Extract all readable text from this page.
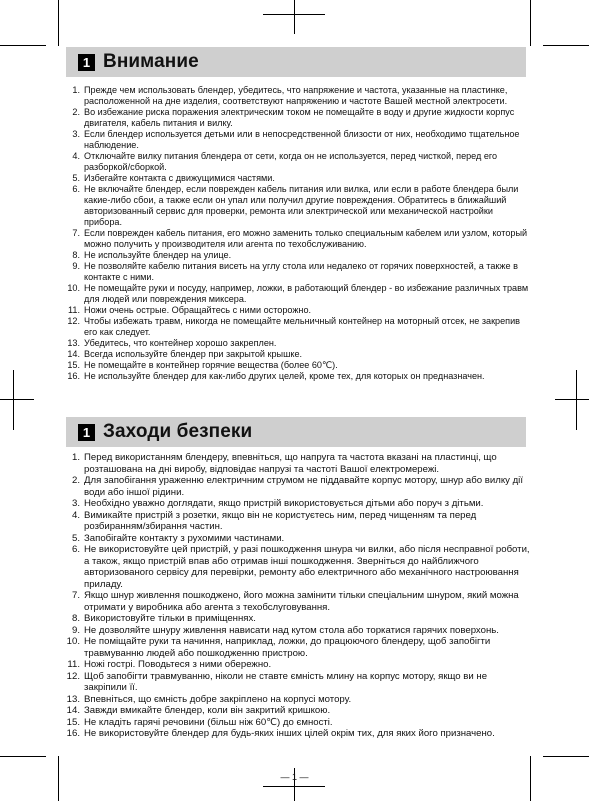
1 Внимание
1. Прежде чем использовать блендер, убедитесь, что напряжение и частота, указанные на пластинке, расположенной на дне изделия, соответствуют напряжению и частоте Вашей местной электросети.
2. Во избежание риска поражения электрическим током не помещайте в воду и другие жидкости корпус двигателя, кабель питания и вилку.
3. Если блендер используется детьми или в непосредственной близости от них, необходимо тщательное наблюдение.
4. Отключайте вилку питания блендера от сети, когда он не используется, перед чисткой, перед его разборкой/сборкой.
5. Избегайте контакта с движущимися частями.
6. Не включайте блендер, если поврежден кабель питания или вилка, или если в работе блендера были какие-либо сбои, а также если он упал или получил другие повреждения. Обратитесь в ближайший авторизованный сервис для проверки, ремонта или электрической или механической настройки прибора.
7. Если поврежден кабель питания, его можно заменить только специальным кабелем или узлом, который можно получить у производителя или агента по техобслуживанию.
8. Не используйте блендер на улице.
9. Не позволяйте кабелю питания висеть на углу стола или недалеко от горячих поверхностей, а также в контакте с ними.
10. Не помещайте руки и посуду, например, ложки, в работающий блендер - во избежание различных травм для людей или повреждения миксера.
11. Ножи очень острые. Обращайтесь с ними осторожно.
12. Чтобы избежать травм, никогда не помещайте мельничный контейнер на моторный отсек, не закрепив его как следует.
13. Убедитесь, что контейнер хорошо закреплен.
14. Всегда используйте блендер при закрытой крышке.
15. Не помещайте в контейнер горячие вещества (более 60℃).
16. Не используйте блендер для как-либо других целей, кроме тех, для которых он предназначен.
1 Заходи безпеки
1. Перед використанням блендеру, впевніться, що напруга та частота вказані на пластинці, що розташована на дні виробу, відповідає напрузі та частоті Вашої електромережі.
2. Для запобігання ураженню електричним струмом не піддавайте корпус мотору, шнур або вилку дії води або іншої рідини.
3. Необхідно уважно доглядати, якщо пристрій використовується дітьми або поруч з дітьми.
4. Вимикайте пристрій з розетки, якщо він не користуєтесь ним, перед чищенням та перед розбиранням/збирання частин.
5. Запобігайте контакту з рухомими частинами.
6. Не використовуйте цей пристрій, у разі пошкодження шнура чи вилки, або після несправної роботи, а також, якщо пристрій впав або отримав інші пошкодження. Зверніться до найближчого авторизованого сервісу для перевірки, ремонту або електричного або механічного настроювання приладу.
7. Якщо шнур живлення пошкоджено, його можна замінити тільки спеціальним шнуром, який можна отримати у виробника або агента з техобслуговування.
8. Використовуйте тільки в приміщеннях.
9. Не дозволяйте шнуру живлення нависати над кутом стола або торкатися гарячих поверхонь.
10. Не поміщайте руки та начиння, наприклад, ложки, до працюючого блендеру, щоб запобігти травмуванню людей або пошкодженню пристрою.
11. Ножі гострі. Поводьтеся з ними обережно.
12. Щоб запобігти травмуванню, ніколи не ставте ємність млину на корпус мотору, якщо ви не закріпили її.
13. Впевніться, що ємність добре закріплено на корпусі мотору.
14. Завжди вмикайте блендер, коли він закритий кришкою.
15. Не кладіть гарячі речовини (більш ніж 60℃) до ємності.
16. Не використовуйте блендер для будь-яких інших цілей окрім тих, для яких його призначено.
— 1 —
